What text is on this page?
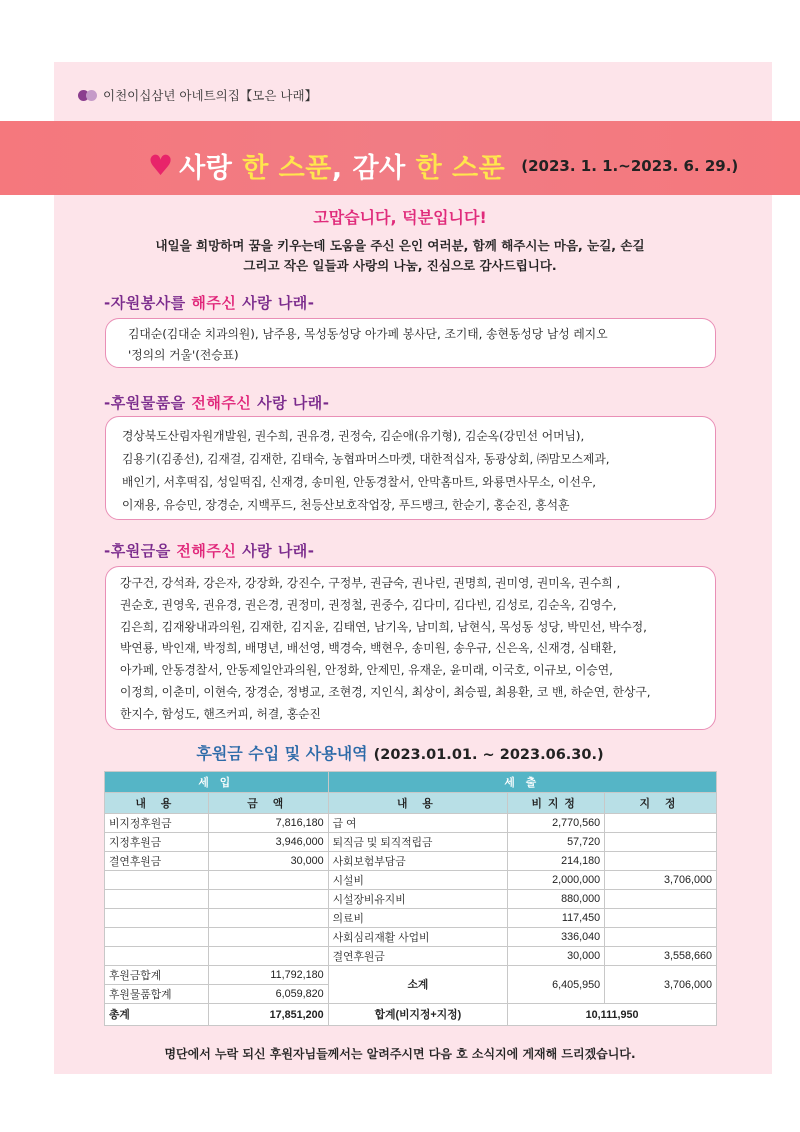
이천이십삼년 아네트의집【모은 나래】
♥ 사랑 한 스푼, 감사 한 스푼 (2023. 1. 1.~2023. 6. 29.)
고맙습니다, 덕분입니다!
내일을 희망하며 꿈을 키우는데 도움을 주신 은인 여러분, 함께 해주시는 마음, 눈길, 손길
그리고 작은 일들과 사랑의 나눔, 진심으로 감사드립니다.
-자원봉사를 해주신 사랑 나래-

김대순(김대순 치과의원), 남주용, 목성동성당 아가페 봉사단, 조기태, 송현동성당 남성 레지오

'정의의 거울'(전승표)

-후원물품을 전해주신 사랑 나래-

경상북도산림자원개발원, 권수희, 권유경, 권정숙, 김순애(유기형), 김순옥(강민선 어머님),

김용기(김종선), 김재걸, 김재한, 김태숙, 농협파머스마켓, 대한적십자, 동광상회, ㈜맘모스제과,

배인기, 서후떡집, 성일떡집, 신재경, 송미원, 안동경찰서, 안막홈마트, 와룡면사무소, 이선우,

이재용, 유승민, 장경순, 지백푸드, 천등산보호작업장, 푸드뱅크, 한순기, 홍순진, 홍석훈

-후원금을 전해주신 사랑 나래-

강구건, 강석좌, 강은자, 강장화, 강진수, 구정부, 권금숙, 권나린, 권명희, 권미영, 권미옥, 권수희 ,

권순호, 권영욱, 권유경, 권은경, 권정미, 권정철, 권중수, 김다미, 김다빈, 김성로, 김순옥, 김영수,

김은희, 김재왕내과의원, 김재한, 김지윤, 김태연, 남기옥, 남미희, 남현식, 목성동 성당, 박민선, 박수정,

박연룡, 박인재, 박정희, 배명년, 배선영, 백경숙, 백현우, 송미원, 송우규, 신은옥, 신재경, 심태환,

아가페, 안동경찰서, 안동제일안과의원, 안정화, 안제민, 유재운, 윤미래, 이국호, 이규보, 이승연,

이정희, 이춘미, 이현숙, 장경순, 정병교, 조현경, 지인식, 최상이, 최승필, 최용환, 코 밴, 하순연, 한상구,

한지수, 함성도, 핸즈커피, 허결, 홍순진

후원금 수입 및 사용내역 (2023.01.01. ~ 2023.06.30.)
세 입		세 출		
내 용	금 액	내 용	비지정	지 정
비지정후원금	7,816,180	급 여	2,770,560	
지정후원금	3,946,000	퇴직금 및 퇴직적립금	57,720	
결연후원금	30,000	사회보험부담금	214,180	
		시설비	2,000,000	3,706,000
		시설장비유지비	880,000	
		의료비	117,450	
		사회심리재활 사업비	336,040	
		결연후원금	30,000	3,558,660
후원금합계	11,792,180	소계	6,405,950	3,706,000
후원물품합계	6,059,820			
총계	17,851,200	합계(비지정+지정)	10,111,950	
명단에서 누락 되신 후원자님들께서는 알려주시면 다음 호 소식지에 게재해 드리겠습니다.
